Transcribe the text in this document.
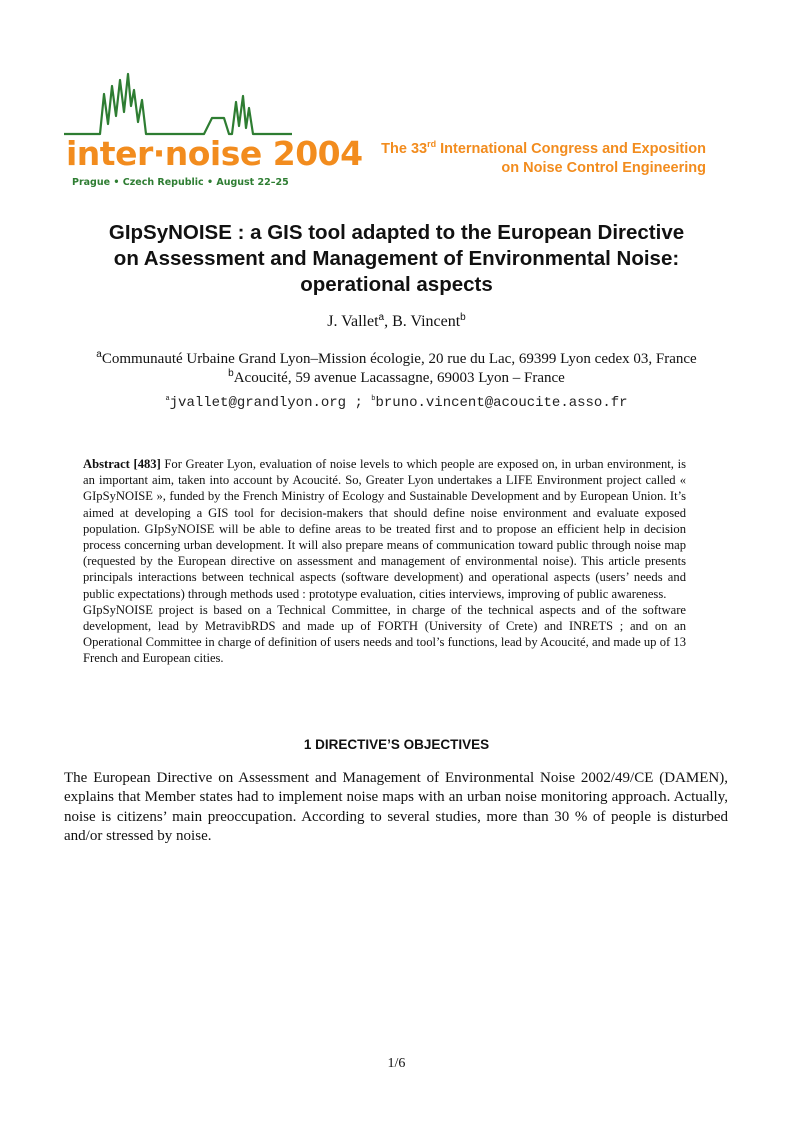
inter·noise 2004
Prague • Czech Republic • August 22–25
The 33rd International Congress and Exposition
on Noise Control Engineering
GIpSyNOISE : a GIS tool adapted to the European Directive
on Assessment and Management of Environmental Noise:
operational aspects
J. Vallet$^a$, B. Vincent$^b$
$^a$Communauté Urbaine Grand Lyon–Mission écologie, 20 rue du Lac, 69399 Lyon cedex 03, France
$^b$Acoucité, 59 avenue Lacassagne, 69003 Lyon – France
$^a$jvallet@grandlyon.org ; $^b$bruno.vincent@acoucite.asso.fr

Abstract [483] For Greater Lyon, evaluation of noise levels to which people are exposed on, in urban environment, is an important aim, taken into account by Acoucité. So, Greater Lyon undertakes a LIFE Environment project called « GIpSyNOISE », funded by the French Ministry of Ecology and Sustainable Development and by European Union. It’s aimed at developing a GIS tool for decision-makers that should define noise environment and evaluate exposed population. GIpSyNOISE will be able to define areas to be treated first and to propose an efficient help in decision process concerning urban development. It will also prepare means of communication toward public through noise map (requested by the European directive on assessment and management of environmental noise). This article presents principals interactions between technical aspects (software development) and operational aspects (users’ needs and public expectations) through methods used : prototype evaluation, cities interviews, improving of public awareness.

GIpSyNOISE project is based on a Technical Committee, in charge of the technical aspects and of the software development, lead by MetravibRDS and made up of FORTH (University of Crete) and INRETS ; and on an Operational Committee in charge of definition of users needs and tool’s functions, lead by Acoucité, and made up of 13 French and European cities.

1 DIRECTIVE’S OBJECTIVES

The European Directive on Assessment and Management of Environmental Noise 2002/49/CE (DAMEN), explains that Member states had to implement noise maps with an urban noise monitoring approach. Actually, noise is citizens’ main preoccupation. According to several studies, more than 30 % of people is disturbed and/or stressed by noise.

1/6
